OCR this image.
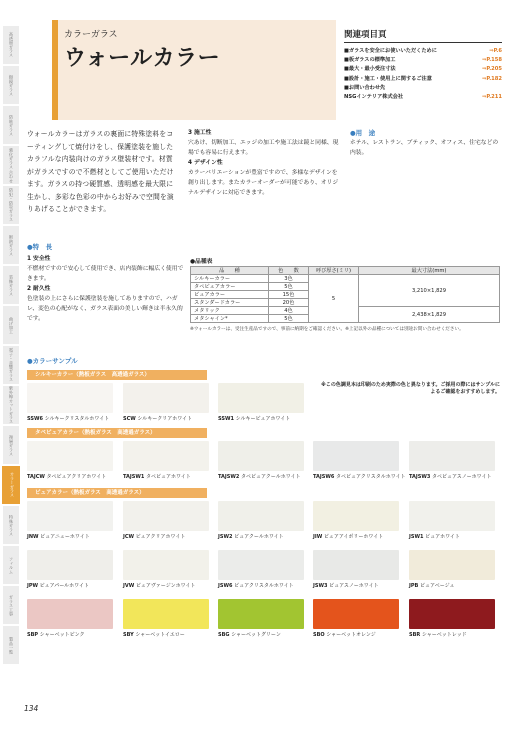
高透過ガラス
銀鏡ガラス
防眩ガラス
強化ガラス 合わせ
防犯・防災ガラス
断熱ガラス
装飾ガラス
曲げ加工
電子・音響ガラス
紫外線カットガラス
複層ガラス
カラーガラス
特殊ガラス
フィルム
ガラス工事
製品一覧
カラーガラス
ウォールカラー
関連項目頁
■ガラスを安全にお使いいただくために	⇒P.6
■板ガラスの標準加工	⇒P.158
■最大・最小受注寸法	⇒P.205
■設計・施工・使用上に関するご注意	⇒P.182
■お問い合わせ先
NSGインテリア株式会社	⇒P.211
ウォールカラーはガラスの裏面に特殊塗料をコーティングして焼付けをし、保護塗装を施したカラフルな内装向けのガラス壁装材です。材質がガラスですので不燃材としてご使用いただけます。ガラスの持つ硬質感、透明感を最大限に生かし、多彩な色彩の中からお好みで空間を演りあげることができます。
3 施工性
穴あけ、切断加工、エッジの加工や施工法は鏡と同様、現場でも容易に行えます。
4 デザイン性
カラーバリエーションが豊富ですので、多様なデザインを創り出します。またカラーオーダーが可能であり、オリジナルデザインに対応できます。
●用　途
ホテル、レストラン、ブティック、オフィス、住宅などの内装。
●特　長
1 安全性
不燃材ですので安心して使用でき、店内装飾に幅広く使用できます。
2 耐久性
色塗装の上にさらに保護塗装を施してありますので、ハガレ、変色の心配がなく、ガラス表面の美しい輝きは半永久的です。
●品種表
品　　種	色　　数	呼び厚さ(ミリ)	最大寸法(mm)
シルキーカラー	3色	5	3,210×1,829
タペピュアカラー	5色		
ピュアカラー	15色		
スタンダードカラー	20色		
メタリック	4色		2,438×1,829
メタシャイン*	5色		
※ウォールカラーは、受注生産品ですので、事前に納期をご確認ください。※上記以外の品種については別途お問い合わせください。
●カラーサンプル
※この色調見本は印刷のため実際の色と異なります。ご採用の際にはサンプルによるご確認をおすすめします。
シルキーカラー（熱板ガラス　高透過ガラス）
SSW6 シルキークリスタルホワイト	SCW シルキークリアホワイト	SSW1 シルキーピュアホワイト
タペピュアカラー（熱板ガラス　高透過ガラス）
TAJCW タペピュアクリアホワイト	TAJSW1 タペピュアホワイト	TAJSW2 タペピュアクールホワイト	TAJSW6 タペピュアクリスタルホワイト TAJSW3 タペピュアスノーホワイト
ピュアカラー（熱板ガラス　高透過ガラス）
JNW ピュアニューホワイト	JCW ピュアクリアホワイト	JSW2 ピュアクールホワイト	JIW ピュアアイボリーホワイト	JSW1 ピュアホワイト
JPW ピュアパールホワイト	JVW ピュアヴァージンホワイト	JSW6 ピュアクリスタルホワイト	JSW3 ピュアスノーホワイト	JPB ピュアベージュ
SBP シャーベットピンク	SBY シャーベットイエロー	SBG シャーベットグリーン	SBO シャーベットオレンジ	SBR シャーベットレッド
134
